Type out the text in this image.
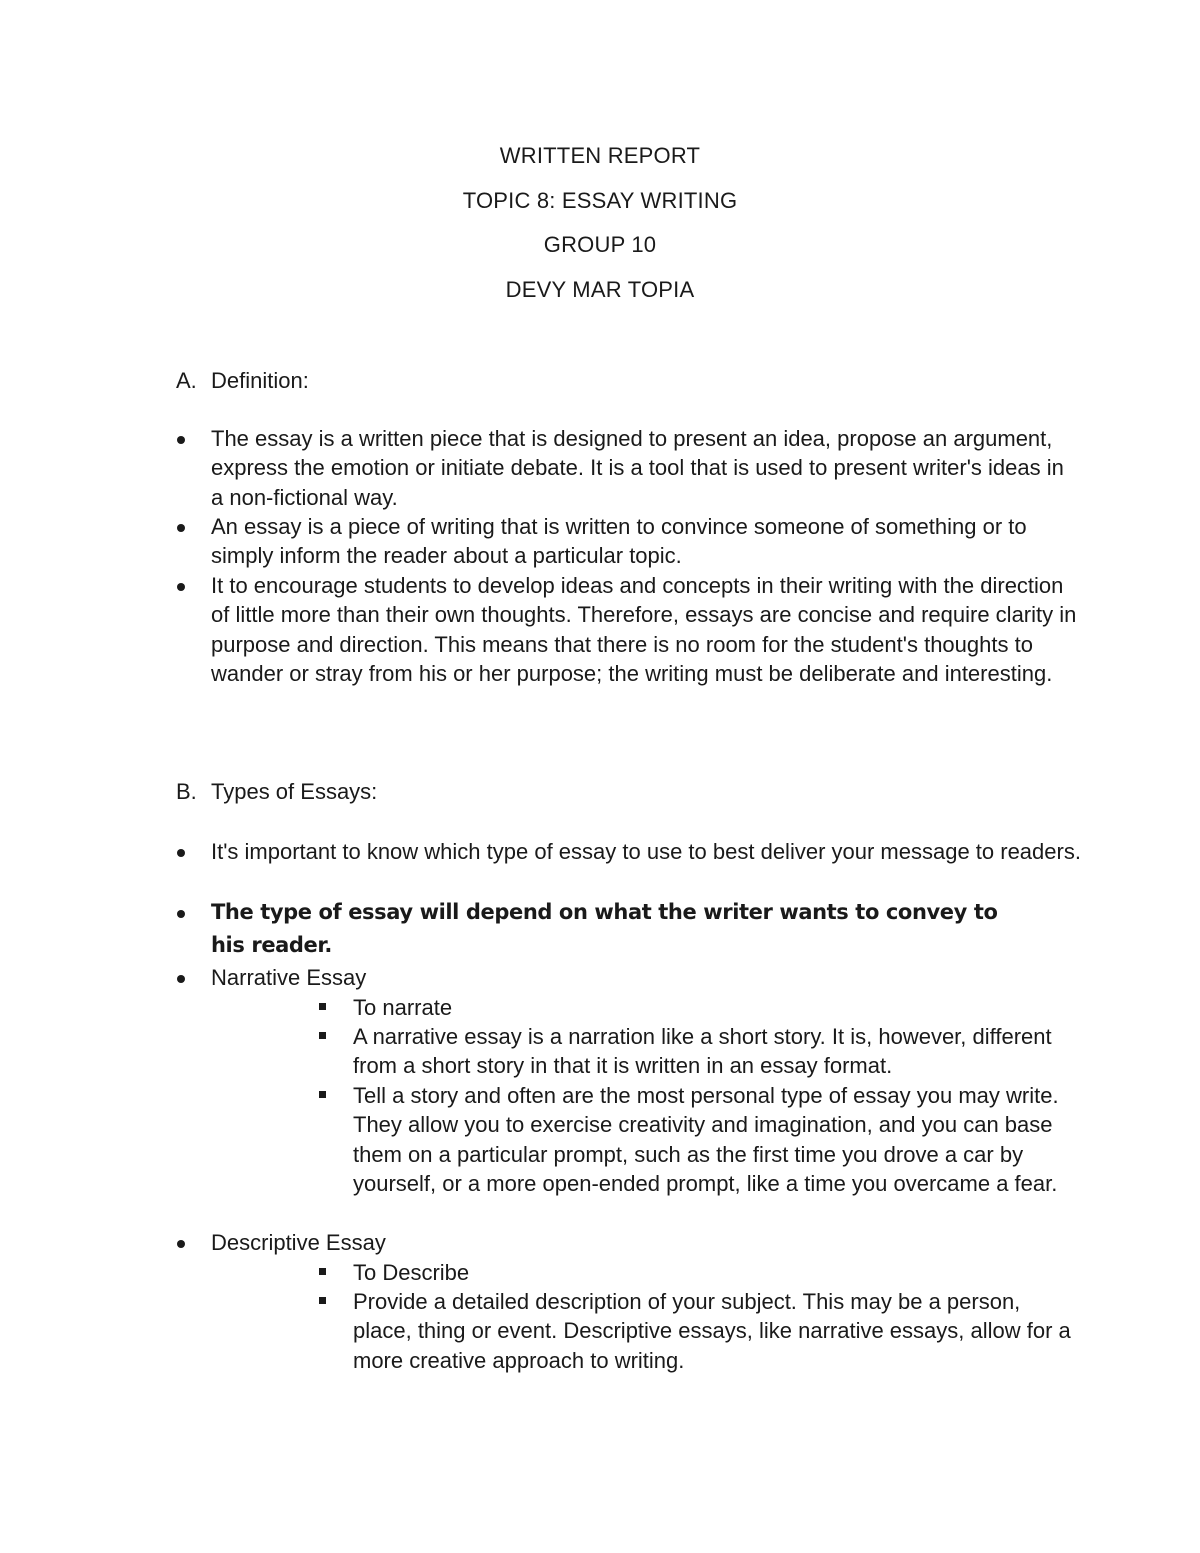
WRITTEN REPORT
TOPIC 8: ESSAY WRITING
GROUP 10
DEVY MAR TOPIA
A. Definition:
The essay is a written piece that is designed to present an idea, propose an argument, express the emotion or initiate debate. It is a tool that is used to present writer's ideas in a non-fictional way.
An essay is a piece of writing that is written to convince someone of something or to simply inform the reader about a particular topic.
It to encourage students to develop ideas and concepts in their writing with the direction of little more than their own thoughts. Therefore, essays are concise and require clarity in purpose and direction. This means that there is no room for the student's thoughts to wander or stray from his or her purpose; the writing must be deliberate and interesting.
B. Types of Essays:
It's important to know which type of essay to use to best deliver your message to readers.
The type of essay will depend on what the writer wants to convey to his reader.
Narrative Essay
To narrate
A narrative essay is a narration like a short story. It is, however, different from a short story in that it is written in an essay format.
Tell a story and often are the most personal type of essay you may write. They allow you to exercise creativity and imagination, and you can base them on a particular prompt, such as the first time you drove a car by yourself, or a more open-ended prompt, like a time you overcame a fear.
Descriptive Essay
To Describe
Provide a detailed description of your subject. This may be a person, place, thing or event. Descriptive essays, like narrative essays, allow for a more creative approach to writing.
